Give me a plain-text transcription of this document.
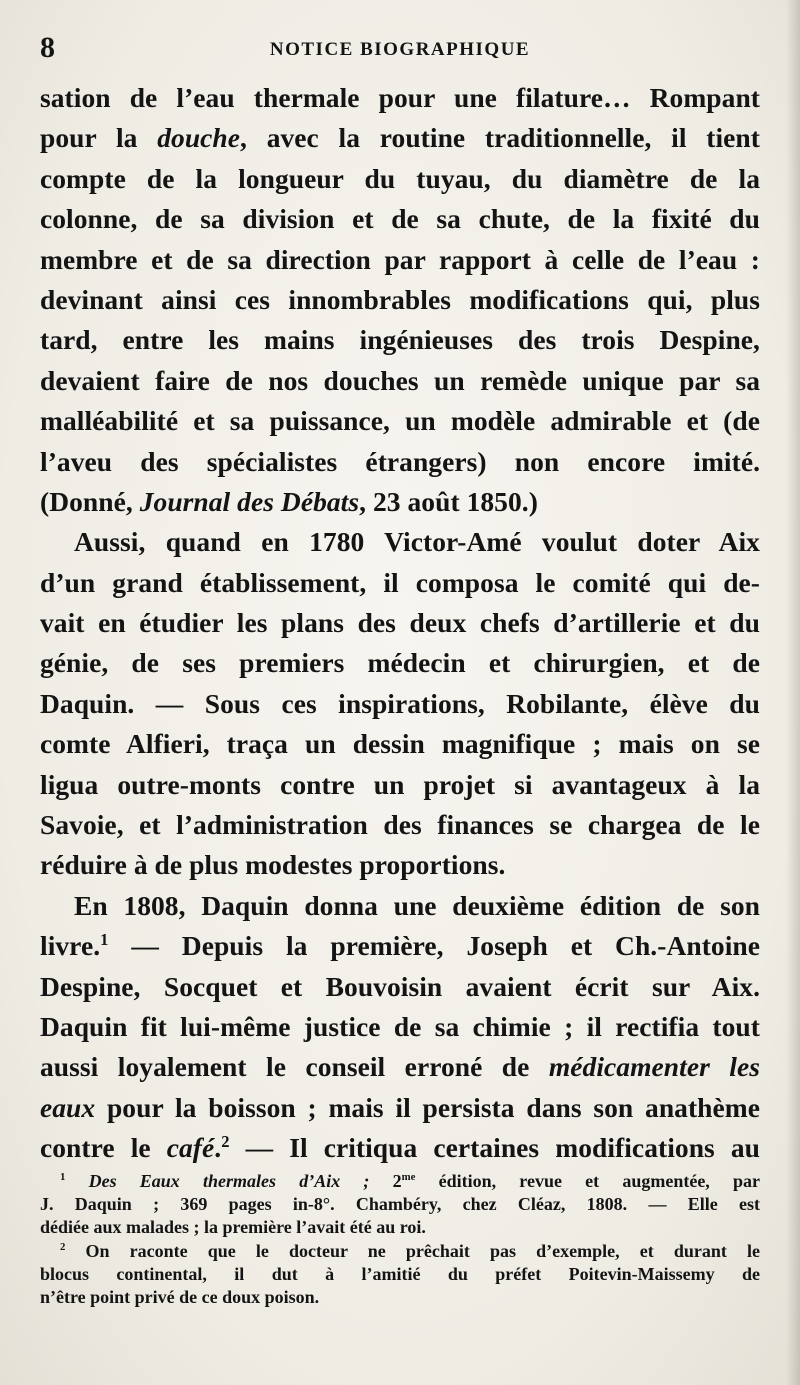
8	NOTICE BIOGRAPHIQUE
sation de l’eau thermale pour une filature… Rompant
pour la douche, avec la routine traditionnelle, il tient
compte de la longueur du tuyau, du diamètre de la
colonne, de sa division et de sa chute, de la fixité du
membre et de sa direction par rapport à celle de l’eau :
devinant ainsi ces innombrables modifications qui, plus
tard, entre les mains ingénieuses des trois Despine,
devaient faire de nos douches un remède unique par sa
malléabilité et sa puissance, un modèle admirable et (de
l’aveu des spécialistes étrangers) non encore imité.
(Donné, Journal des Débats, 23 août 1850.)
Aussi, quand en 1780 Victor-Amé voulut doter Aix
d’un grand établissement, il composa le comité qui de-
vait en étudier les plans des deux chefs d’artillerie et du
génie, de ses premiers médecin et chirurgien, et de
Daquin. — Sous ces inspirations, Robilante, élève du
comte Alfieri, traça un dessin magnifique ; mais on se
ligua outre-monts contre un projet si avantageux à la
Savoie, et l’administration des finances se chargea de le
réduire à de plus modestes proportions.
En 1808, Daquin donna une deuxième édition de son
livre.$^1$ — Depuis la première, Joseph et Ch.-Antoine
Despine, Socquet et Bouvoisin avaient écrit sur Aix.
Daquin fit lui-même justice de sa chimie ; il rectifia tout
aussi loyalement le conseil erroné de médicamenter les
eaux pour la boisson ; mais il persista dans son anathème
contre le café.$^2$ — Il critiqua certaines modifications au
$^1$ Des Eaux thermales d’Aix ; $2^{me}$ édition, revue et augmentée, par
J. Daquin ; 369 pages in-8°. Chambéry, chez Cléaz, 1808. — Elle est
dédiée aux malades ; la première l’avait été au roi.
$^2$ On raconte que le docteur ne prêchait pas d’exemple, et durant le
blocus continental, il dut à l’amitié du préfet Poitevin-Maissemy de
n’être point privé de ce doux poison.
